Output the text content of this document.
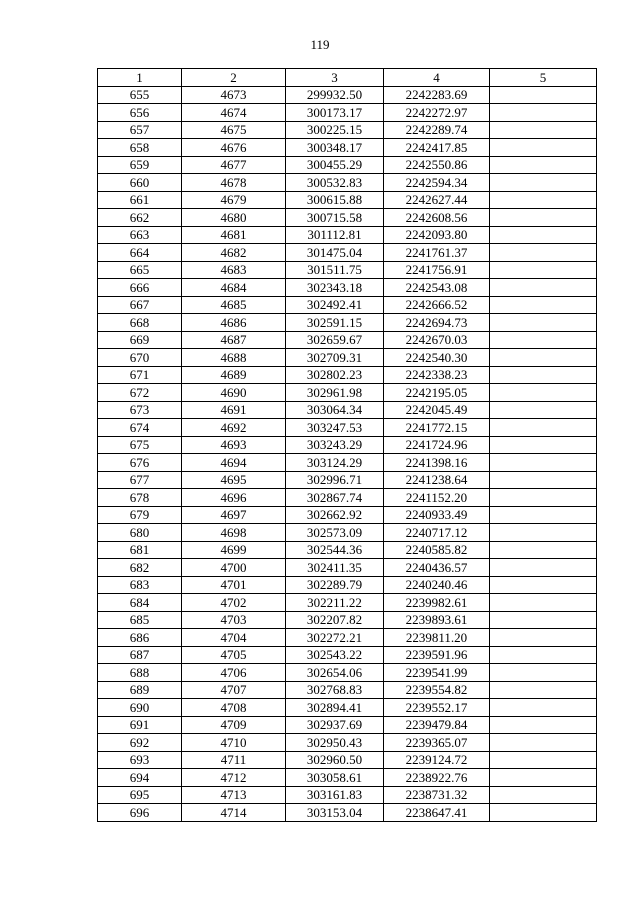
119
1	2	3	4	5
655	4673	299932.50	2242283.69	
656	4674	300173.17	2242272.97	
657	4675	300225.15	2242289.74	
658	4676	300348.17	2242417.85	
659	4677	300455.29	2242550.86	
660	4678	300532.83	2242594.34	
661	4679	300615.88	2242627.44	
662	4680	300715.58	2242608.56	
663	4681	301112.81	2242093.80	
664	4682	301475.04	2241761.37	
665	4683	301511.75	2241756.91	
666	4684	302343.18	2242543.08	
667	4685	302492.41	2242666.52	
668	4686	302591.15	2242694.73	
669	4687	302659.67	2242670.03	
670	4688	302709.31	2242540.30	
671	4689	302802.23	2242338.23	
672	4690	302961.98	2242195.05	
673	4691	303064.34	2242045.49	
674	4692	303247.53	2241772.15	
675	4693	303243.29	2241724.96	
676	4694	303124.29	2241398.16	
677	4695	302996.71	2241238.64	
678	4696	302867.74	2241152.20	
679	4697	302662.92	2240933.49	
680	4698	302573.09	2240717.12	
681	4699	302544.36	2240585.82	
682	4700	302411.35	2240436.57	
683	4701	302289.79	2240240.46	
684	4702	302211.22	2239982.61	
685	4703	302207.82	2239893.61	
686	4704	302272.21	2239811.20	
687	4705	302543.22	2239591.96	
688	4706	302654.06	2239541.99	
689	4707	302768.83	2239554.82	
690	4708	302894.41	2239552.17	
691	4709	302937.69	2239479.84	
692	4710	302950.43	2239365.07	
693	4711	302960.50	2239124.72	
694	4712	303058.61	2238922.76	
695	4713	303161.83	2238731.32	
696	4714	303153.04	2238647.41	
